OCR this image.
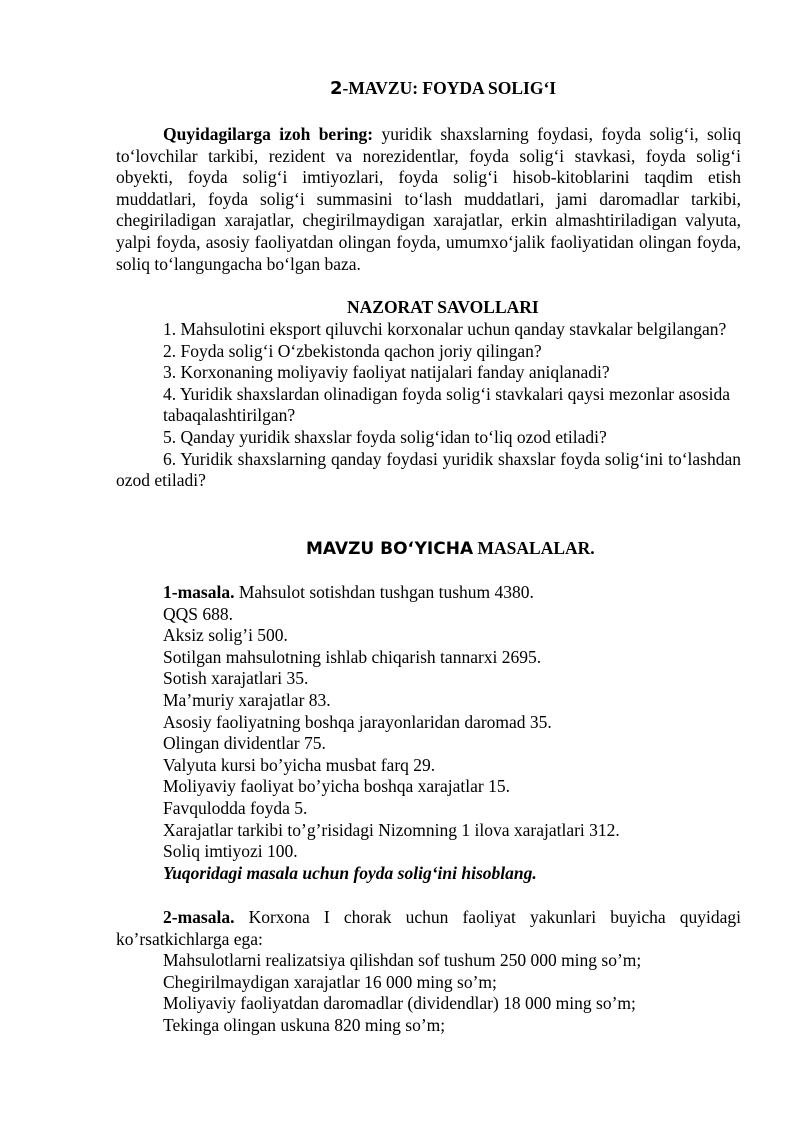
2-MAVZU: FOYDA SOLIG‘I

Quyidagilarga izoh bering: yuridik shaxslarning foydasi, foyda solig‘i, soliq to‘lovchilar tarkibi, rezident va norezidentlar, foyda solig‘i stavkasi, foyda solig‘i obyekti, foyda solig‘i imtiyozlari, foyda solig‘i hisob-kitoblarini taqdim etish muddatlari, foyda solig‘i summasini to‘lash muddatlari, jami daromadlar tarkibi, chegiriladigan xarajatlar, chegirilmaydigan xarajatlar, erkin almashtiriladigan valyuta, yalpi foyda, asosiy faoliyatdan olingan foyda, umumxo‘jalik faoliyatidan olingan foyda, soliq to‘langungacha bo‘lgan baza.

NAZORAT SAVOLLARI

1. Mahsulotini eksport qiluvchi korxonalar uchun qanday stavkalar belgilangan?

2. Foyda solig‘i O‘zbekistonda qachon joriy qilingan?

3. Korxonaning moliyaviy faoliyat natijalari fanday aniqlanadi?

4. Yuridik shaxslardan olinadigan foyda solig‘i stavkalari qaysi mezonlar asosida tabaqalashtirilgan?

5. Qanday yuridik shaxslar foyda solig‘idan to‘liq ozod etiladi?

6. Yuridik shaxslarning qanday foydasi yuridik shaxslar foyda solig‘ini to‘lashdan ozod etiladi?

MAVZU BO‘YICHA MASALALAR.

1-masala. Mahsulot sotishdan tushgan tushum 4380.

QQS 688.

Aksiz solig’i 500.

Sotilgan mahsulotning ishlab chiqarish tannarxi 2695.

Sotish xarajatlari 35.

Ma’muriy xarajatlar 83.

Asosiy faoliyatning boshqa jarayonlaridan daromad 35.

Olingan dividentlar 75.

Valyuta kursi bo’yicha musbat farq 29.

Moliyaviy faoliyat bo’yicha boshqa xarajatlar 15.

Favqulodda foyda 5.

Xarajatlar tarkibi to’g’risidagi Nizomning 1 ilova xarajatlari 312.

Soliq imtiyozi 100.

Yuqoridagi masala uchun foyda solig‘ini hisoblang.

2-masala. Korxona I chorak uchun faoliyat yakunlari buyicha quyidagi ko’rsatkichlarga ega:

Mahsulotlarni realizatsiya qilishdan sof tushum 250 000 ming so’m;

Chegirilmaydigan xarajatlar 16 000 ming so’m;

Moliyaviy faoliyatdan daromadlar (dividendlar) 18 000 ming so’m;

Tekinga olingan uskuna 820 ming so’m;
